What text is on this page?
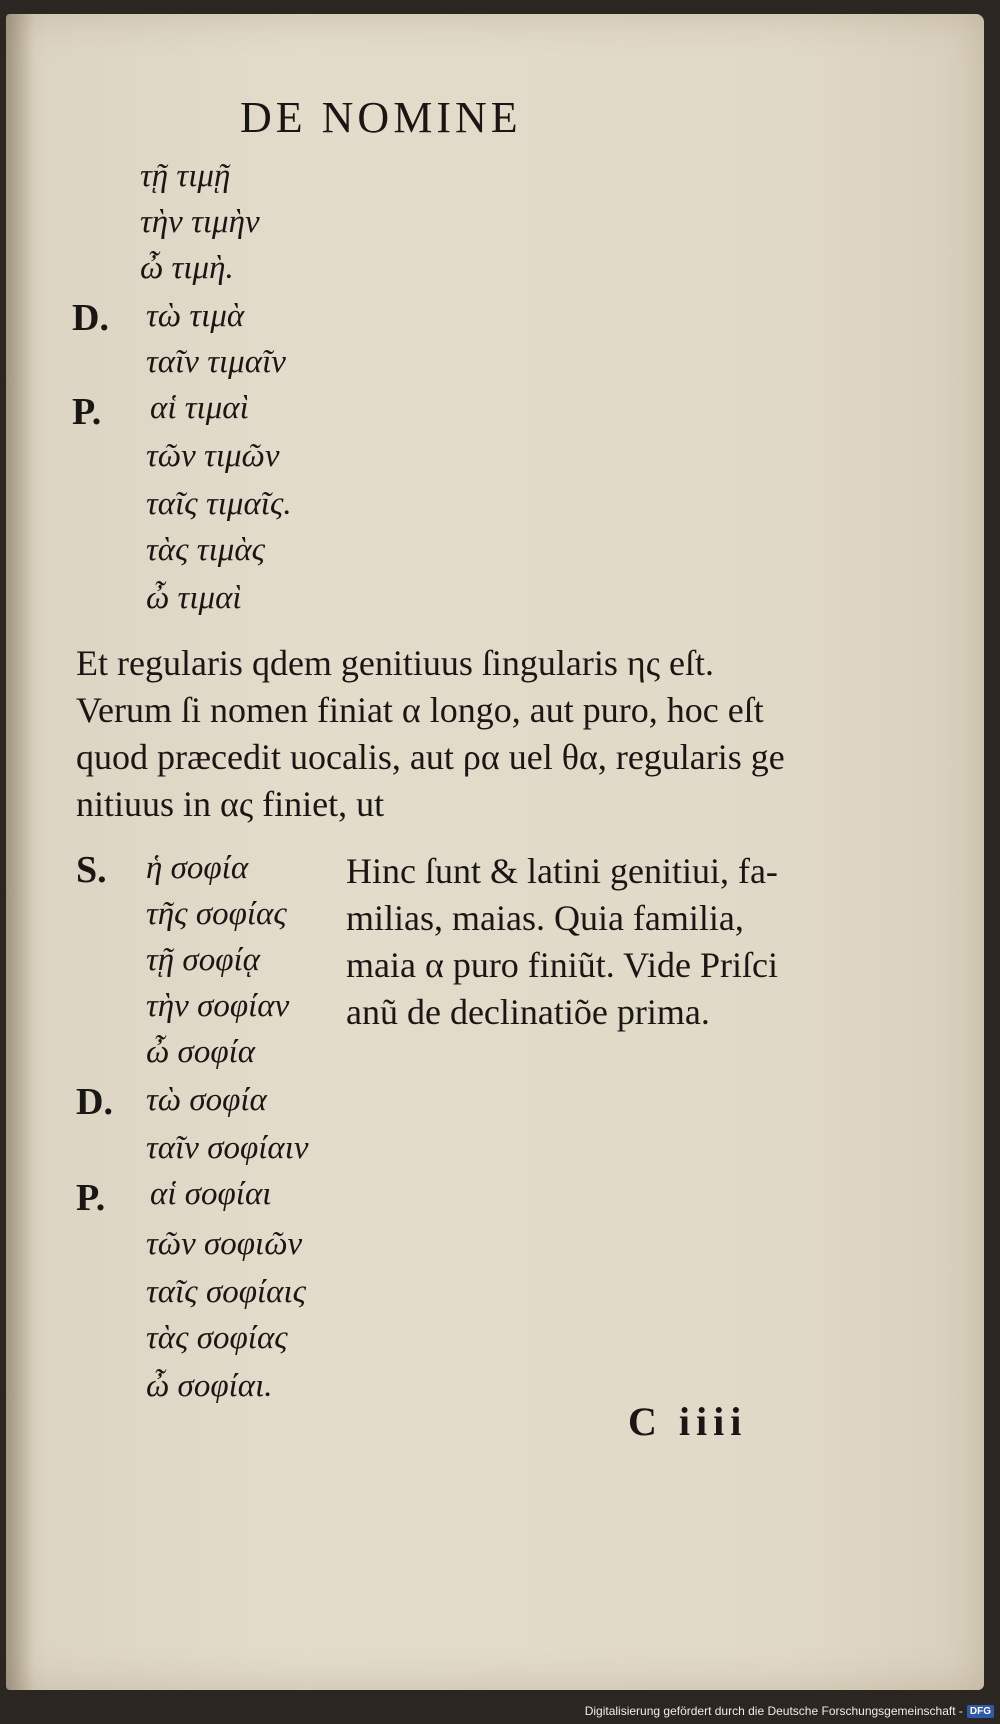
DE NOMINE
τῇ τιμῇ
τὴν τιμὴν
ὦ τιμὴ.
D. τὼ τιμὰ
ταῖν τιμαῖν
P. αἱ τιμαὶ
τῶν τιμῶν
ταῖς τιμαῖς.
τὰς τιμὰς
ὦ τιμαὶ

Et regularis qdem genitiuus ſingularis ης eſt.

Verum ſi nomen finiat α longo, aut puro, hoc eſt

quod præcedit uocalis, aut ρα uel θα, regularis ge

nitiuus in ας finiet, ut

S. ἡ σοφία
τῆς σοφίας
τῇ σοφίᾳ
τὴν σοφίαν
ὦ σοφία
D. τὼ σοφία
ταῖν σοφίαιν
P. αἱ σοφίαι
τῶν σοφιῶν
ταῖς σοφίαις
τὰς σοφίας
ὦ σοφίαι.

Hinc ſunt & latini genitiui, fa-

milias, maias. Quia familia,

maia α puro finiũt. Vide Priſci

anũ de declinatiõe prima.

C iiii
Digitalisierung gefördert durch die Deutsche Forschungsgemeinschaft - DFG
